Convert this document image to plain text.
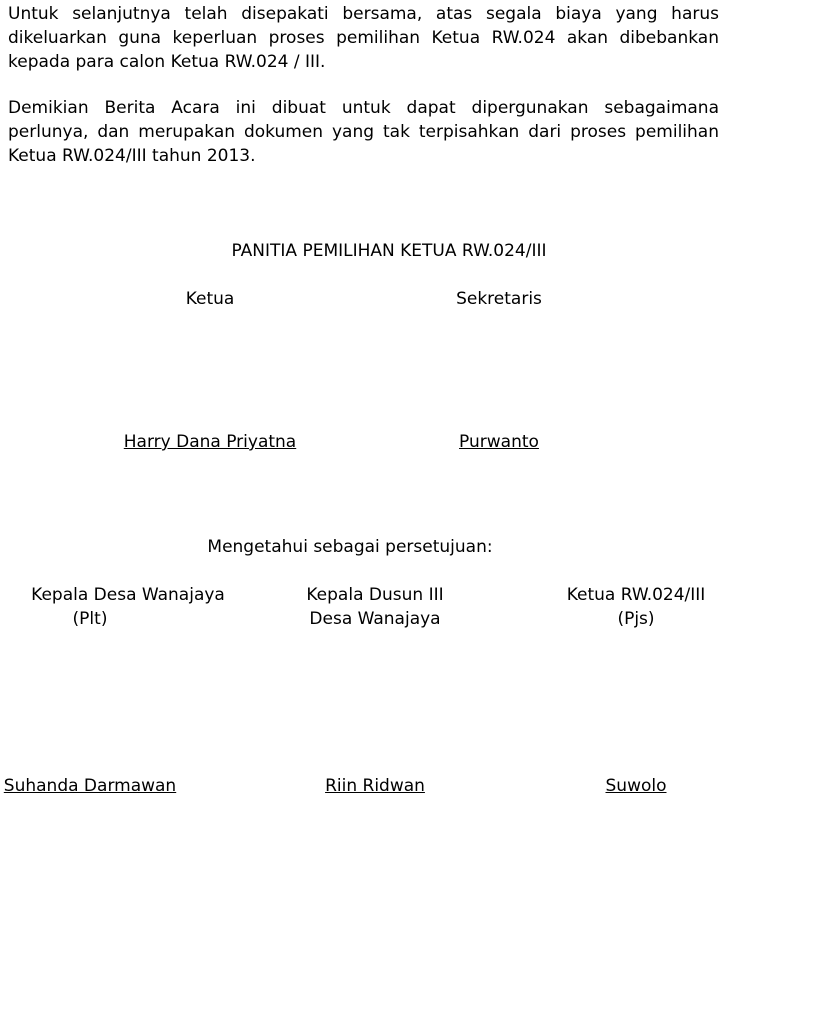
Untuk selanjutnya telah disepakati bersama, atas segala biaya yang harus dikeluarkan guna keperluan proses pemilihan Ketua RW.024 akan dibebankan kepada para calon Ketua RW.024 / III.

Demikian Berita Acara ini dibuat untuk dapat dipergunakan sebagaimana perlunya, dan merupakan dokumen yang tak terpisahkan dari proses pemilihan Ketua RW.024/III tahun 2013.

PANITIA PEMILIHAN KETUA RW.024/III
Ketua	Sekretaris
Harry Dana Priyatna	Purwanto
Mengetahui sebagai persetujuan:
Kepala Desa Wanajaya
(Plt)
Kepala Dusun III
Desa Wanajaya
Ketua RW.024/III
(Pjs)
Suhanda Darmawan	Riin Ridwan	Suwolo
